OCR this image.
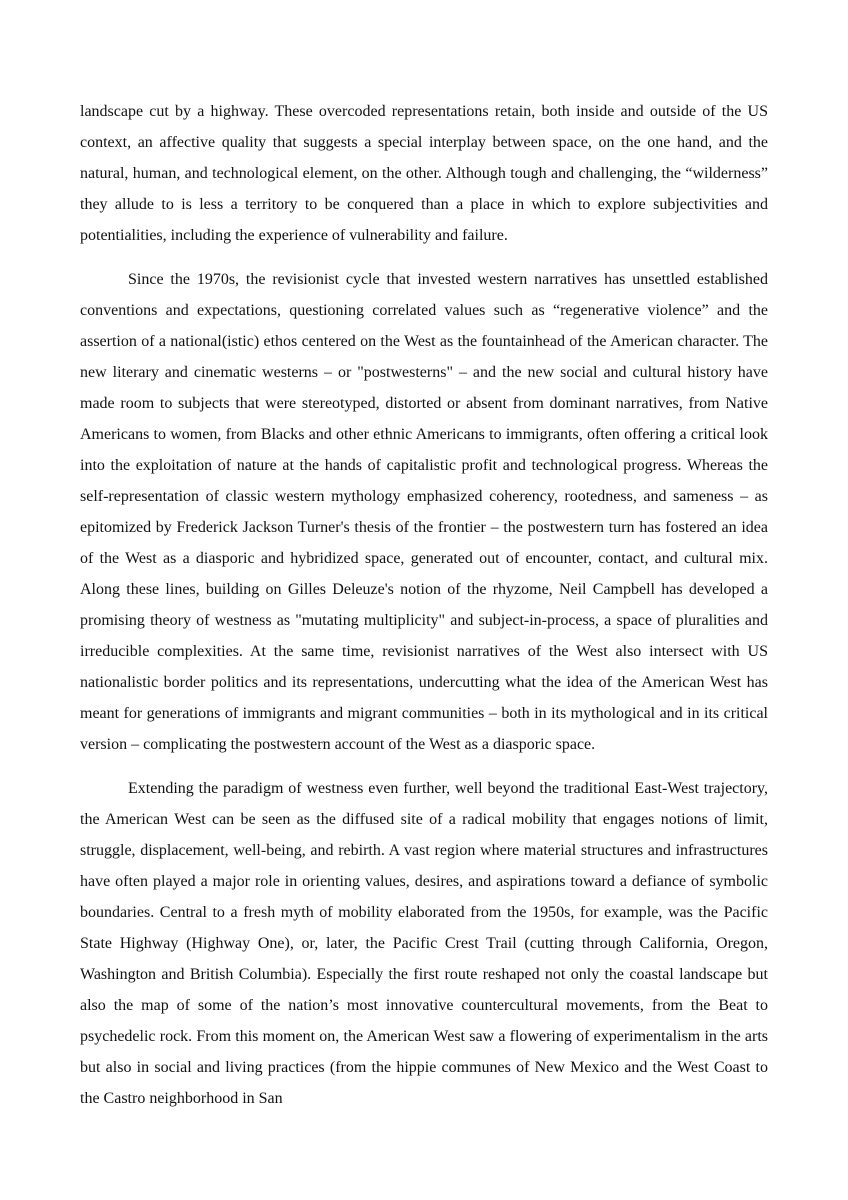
landscape cut by a highway. These overcoded representations retain, both inside and outside of the US context, an affective quality that suggests a special interplay between space, on the one hand, and the natural, human, and technological element, on the other. Although tough and challenging, the “wilderness” they allude to is less a territory to be conquered than a place in which to explore subjectivities and potentialities, including the experience of vulnerability and failure.

Since the 1970s, the revisionist cycle that invested western narratives has unsettled established conventions and expectations, questioning correlated values such as “regenerative violence” and the assertion of a national(istic) ethos centered on the West as the fountainhead of the American character. The new literary and cinematic westerns – or "postwesterns" – and the new social and cultural history have made room to subjects that were stereotyped, distorted or absent from dominant narratives, from Native Americans to women, from Blacks and other ethnic Americans to immigrants, often offering a critical look into the exploitation of nature at the hands of capitalistic profit and technological progress. Whereas the self-representation of classic western mythology emphasized coherency, rootedness, and sameness – as epitomized by Frederick Jackson Turner's thesis of the frontier – the postwestern turn has fostered an idea of the West as a diasporic and hybridized space, generated out of encounter, contact, and cultural mix. Along these lines, building on Gilles Deleuze's notion of the rhyzome, Neil Campbell has developed a promising theory of westness as "mutating multiplicity" and subject-in-process, a space of pluralities and irreducible complexities. At the same time, revisionist narratives of the West also intersect with US nationalistic border politics and its representations, undercutting what the idea of the American West has meant for generations of immigrants and migrant communities – both in its mythological and in its critical version – complicating the postwestern account of the West as a diasporic space.

Extending the paradigm of westness even further, well beyond the traditional East-West trajectory, the American West can be seen as the diffused site of a radical mobility that engages notions of limit, struggle, displacement, well-being, and rebirth. A vast region where material structures and infrastructures have often played a major role in orienting values, desires, and aspirations toward a defiance of symbolic boundaries. Central to a fresh myth of mobility elaborated from the 1950s, for example, was the Pacific State Highway (Highway One), or, later, the Pacific Crest Trail (cutting through California, Oregon, Washington and British Columbia). Especially the first route reshaped not only the coastal landscape but also the map of some of the nation’s most innovative countercultural movements, from the Beat to psychedelic rock. From this moment on, the American West saw a flowering of experimentalism in the arts but also in social and living practices (from the hippie communes of New Mexico and the West Coast to the Castro neighborhood in San
